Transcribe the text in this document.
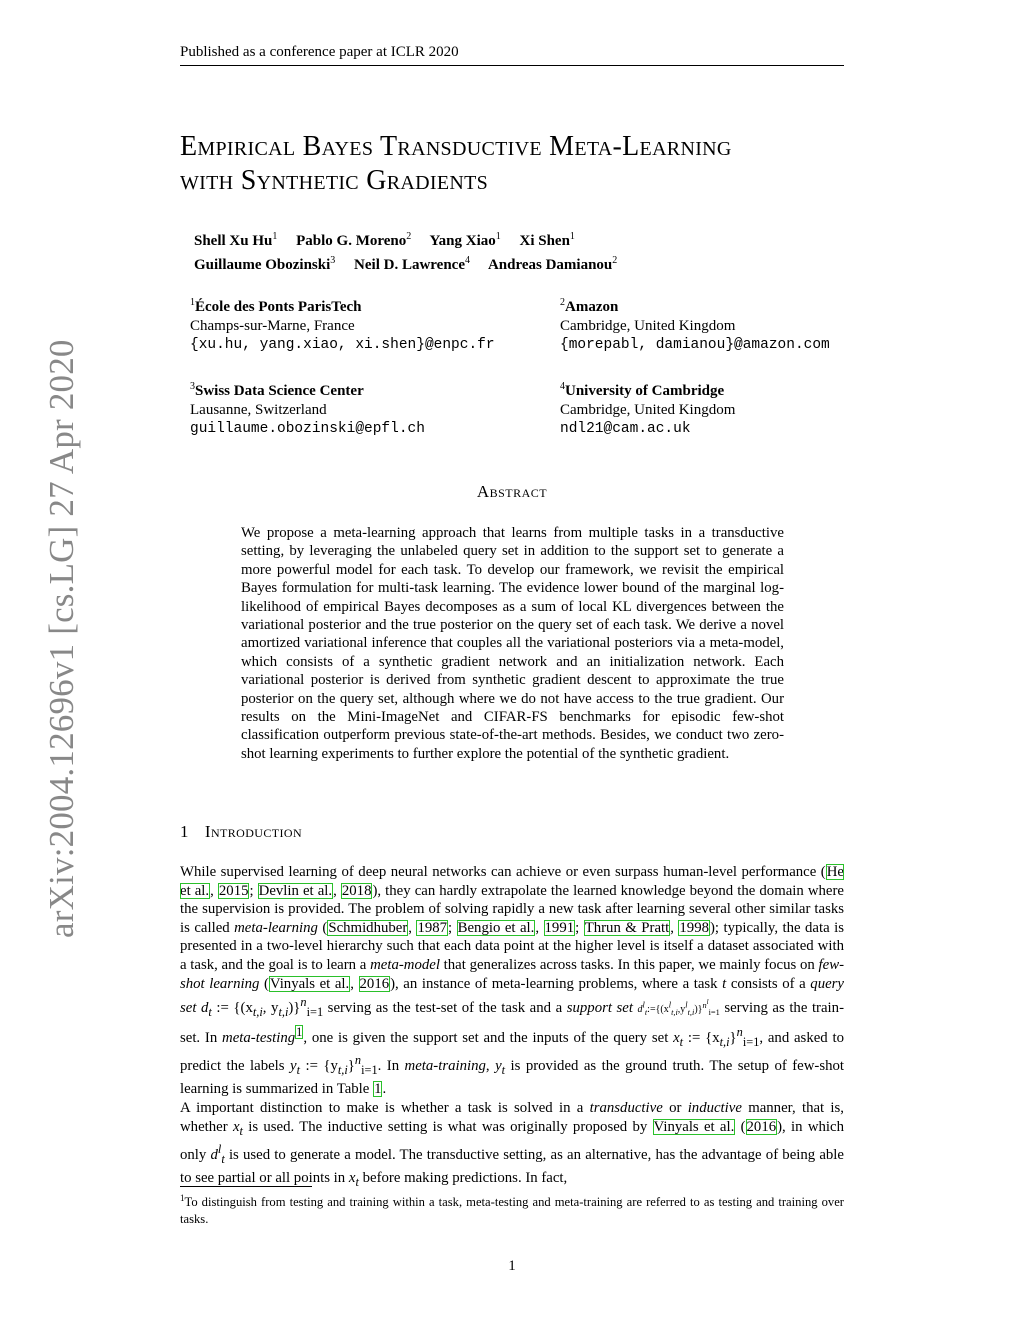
Published as a conference paper at ICLR 2020
arXiv:2004.12696v1 [cs.LG] 27 Apr 2020
Empirical Bayes Transductive Meta-Learning
with Synthetic Gradients
Shell Xu Hu$^1$ Pablo G. Moreno$^2$ Yang Xiao$^1$ Xi Shen$^1$
Guillaume Obozinski$^3$ Neil D. Lawrence$^4$ Andreas Damianou$^2$
$^1$École des Ponts ParisTech
Champs-sur-Marne, France
{xu.hu, yang.xiao, xi.shen}@enpc.fr
$^2$Amazon
Cambridge, United Kingdom
{morepabl, damianou}@amazon.com
$^3$Swiss Data Science Center
Lausanne, Switzerland
guillaume.obozinski@epfl.ch
$^4$University of Cambridge
Cambridge, United Kingdom
ndl21@cam.ac.uk
Abstract
We propose a meta-learning approach that learns from multiple tasks in a transductive setting, by leveraging the unlabeled query set in addition to the support set to generate a more powerful model for each task. To develop our framework, we revisit the empirical Bayes formulation for multi-task learning. The evidence lower bound of the marginal log-likelihood of empirical Bayes decomposes as a sum of local KL divergences between the variational posterior and the true posterior on the query set of each task. We derive a novel amortized variational inference that couples all the variational posteriors via a meta-model, which consists of a synthetic gradient network and an initialization network. Each variational posterior is derived from synthetic gradient descent to approximate the true posterior on the query set, although where we do not have access to the true gradient. Our results on the Mini-ImageNet and CIFAR-FS benchmarks for episodic few-shot classification outperform previous state-of-the-art methods. Besides, we conduct two zero-shot learning experiments to further explore the potential of the synthetic gradient.
1 Introduction
While supervised learning of deep neural networks can achieve or even surpass human-level performance (He et al., 2015; Devlin et al., 2018), they can hardly extrapolate the learned knowledge beyond the domain where the supervision is provided. The problem of solving rapidly a new task after learning several other similar tasks is called meta-learning (Schmidhuber, 1987; Bengio et al., 1991; Thrun & Pratt, 1998); typically, the data is presented in a two-level hierarchy such that each data point at the higher level is itself a dataset associated with a task, and the goal is to learn a meta-model that generalizes across tasks. In this paper, we mainly focus on few-shot learning (Vinyals et al., 2016), an instance of meta-learning problems, where a task t consists of a query set $d_t$ := {($x_{t,i}$, $y_{t,i})\}^n_{i=1}$ serving as the test-set of the task and a support set $d^l_t:=\{(x^l_{t,i},y^l_{t,i})\}^{n^l}_{i=1}$ serving as the train-set. In meta-testing$^1$, one is given the support set and the inputs of the query set $x_t$ := $\{x_{t,i}\}^n_{i=1}$, and asked to predict the labels $y_t$ := $\{y_{t,i}\}^n_{i=1}$. In meta-training, $y_t$ is provided as the ground truth. The setup of few-shot learning is summarized in Table 1.
A important distinction to make is whether a task is solved in a transductive or inductive manner, that is, whether $x_t$ is used. The inductive setting is what was originally proposed by Vinyals et al. (2016), in which only $d^l_t$ is used to generate a model. The transductive setting, as an alternative, has the advantage of being able to see partial or all points in $x_t$ before making predictions. In fact,
$^1$To distinguish from testing and training within a task, meta-testing and meta-training are referred to as testing and training over tasks.
1
